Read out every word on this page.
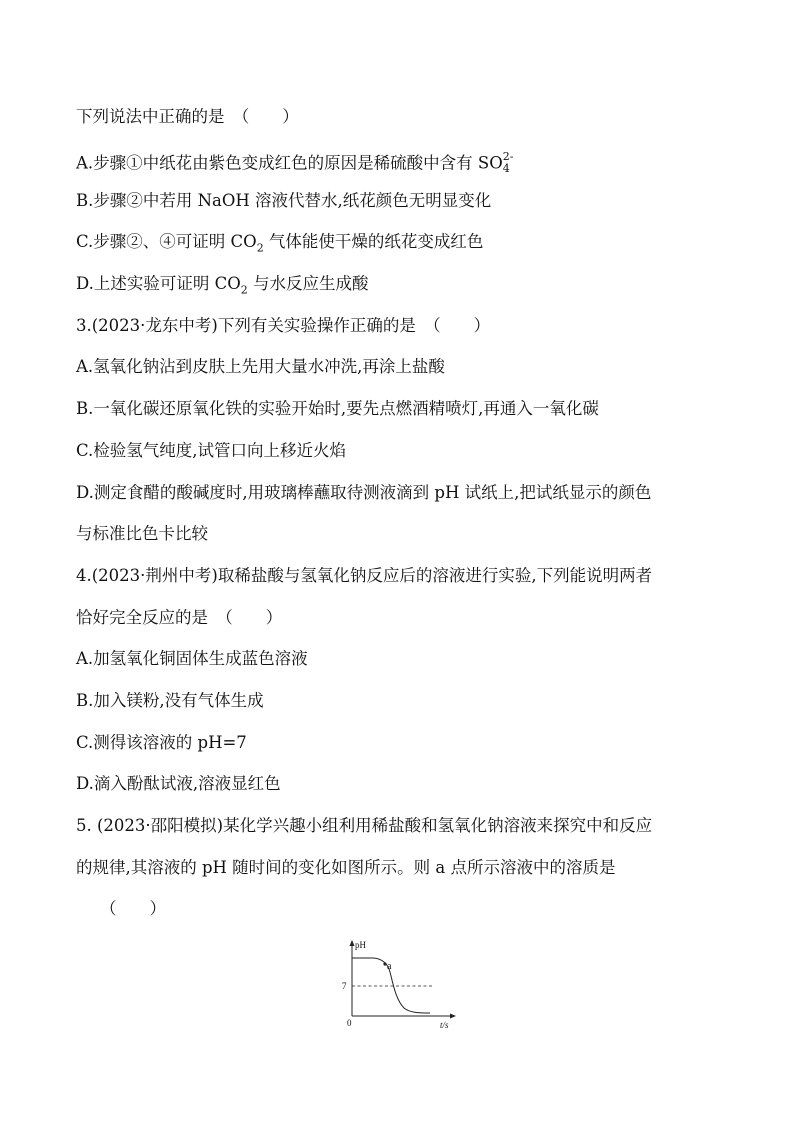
下列说法中正确的是　（　　）
A.步骤①中纸花由紫色变成红色的原因是稀硫酸中含有 $SO^{2-}$
4
B.步骤②中若用 NaOH 溶液代替水,纸花颜色无明显变化
C.步骤②、④可证明 $CO_2$ 气体能使干燥的纸花变成红色
D.上述实验可证明 $CO_2$ 与水反应生成酸
3.(2023·龙东中考)下列有关实验操作正确的是　（　　）
A.氢氧化钠沾到皮肤上先用大量水冲洗,再涂上盐酸
B.一氧化碳还原氧化铁的实验开始时,要先点燃酒精喷灯,再通入一氧化碳
C.检验氢气纯度,试管口向上移近火焰
D.测定食醋的酸碱度时,用玻璃棒蘸取待测液滴到 pH 试纸上,把试纸显示的颜色
与标准比色卡比较
4.(2023·荆州中考)取稀盐酸与氢氧化钠反应后的溶液进行实验,下列能说明两者
恰好完全反应的是　（　　）
A.加氢氧化铜固体生成蓝色溶液
B.加入镁粉,没有气体生成
C.测得该溶液的 pH=7
D.滴入酚酞试液,溶液显红色
5. (2023·邵阳模拟)某化学兴趣小组利用稀盐酸和氢氧化钠溶液来探究中和反应
的规律,其溶液的 pH 随时间的变化如图所示。则 a 点所示溶液中的溶质是
（　　）
a
pH
7
0	t/s
